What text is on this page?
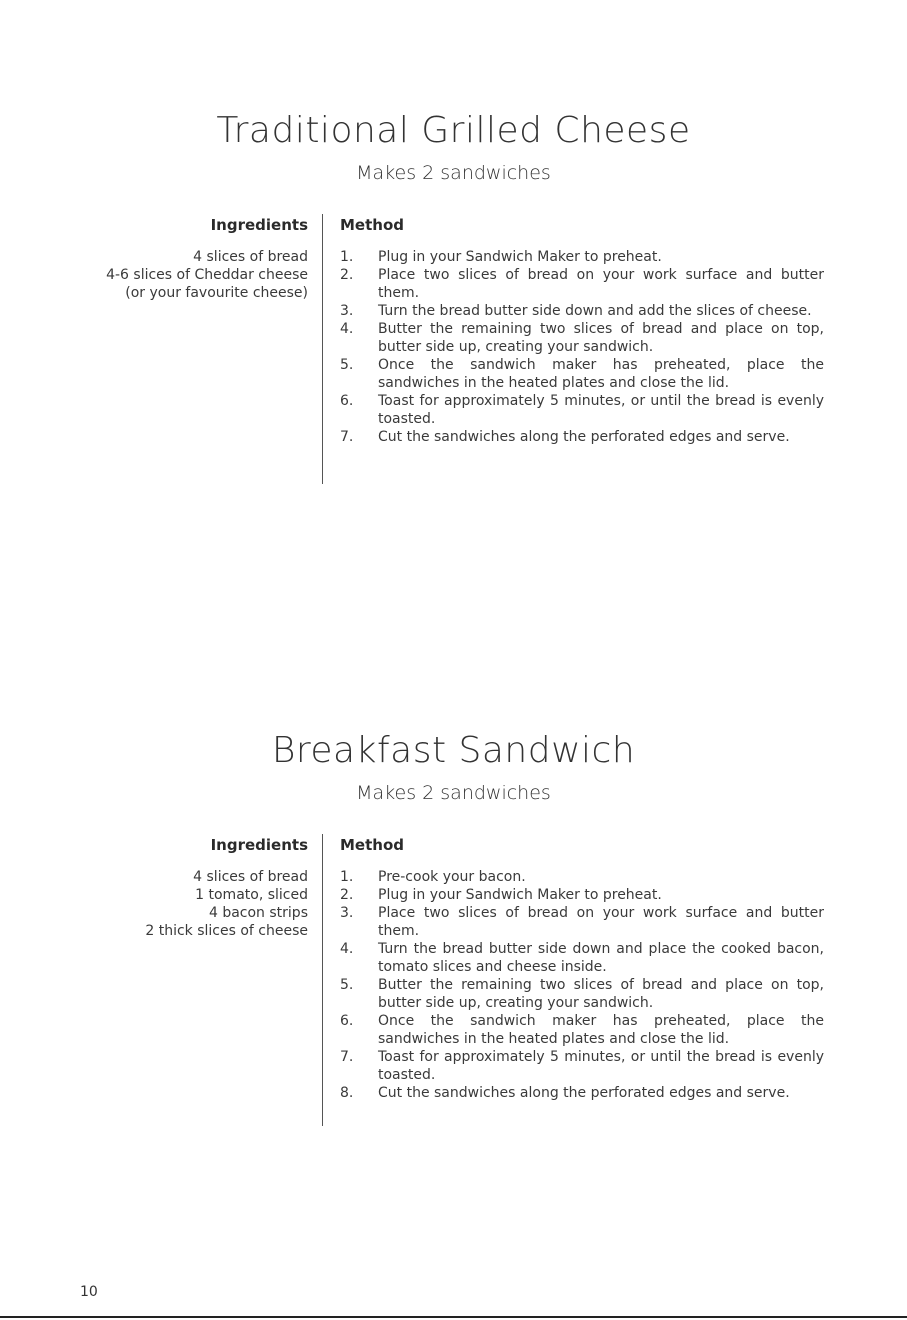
Traditional Grilled Cheese

Makes 2 sandwiches

Ingredients
4 slices of bread
4-6 slices of Cheddar cheese
(or your favourite cheese)
Method
1.	Plug in your Sandwich Maker to preheat.
2.	Place two slices of bread on your work surface and butter them.
3.	Turn the bread butter side down and add the slices of cheese.
4.	Butter the remaining two slices of bread and place on top, butter side up, creating your sandwich.
5.	Once the sandwich maker has preheated, place the sandwiches in the heated plates and close the lid.
6.	Toast for approximately 5 minutes, or until the bread is evenly toasted.
7.	Cut the sandwiches along the perforated edges and serve.
Breakfast Sandwich

Makes 2 sandwiches

Ingredients
4 slices of bread
1 tomato, sliced
4 bacon strips
2 thick slices of cheese
Method
1.	Pre-cook your bacon.
2.	Plug in your Sandwich Maker to preheat.
3.	Place two slices of bread on your work surface and butter them.
4.	Turn the bread butter side down and place the cooked bacon, tomato slices and cheese inside.
5.	Butter the remaining two slices of bread and place on top, butter side up, creating your sandwich.
6.	Once the sandwich maker has preheated, place the sandwiches in the heated plates and close the lid.
7.	Toast for approximately 5 minutes, or until the bread is evenly toasted.
8.	Cut the sandwiches along the perforated edges and serve.
10
